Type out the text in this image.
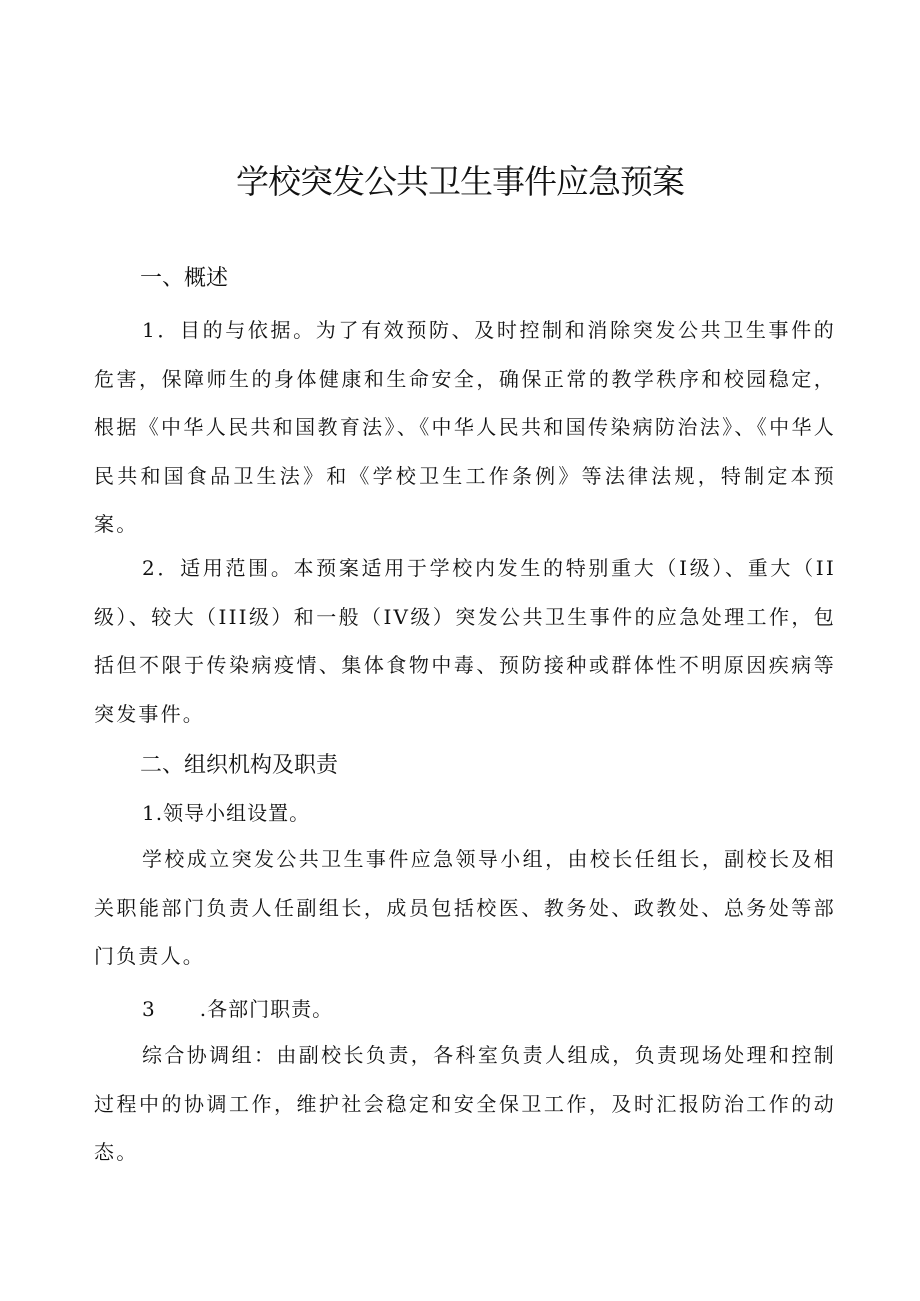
学校突发公共卫生事件应急预案
一、概述

1．目的与依据。为了有效预防、及时控制和消除突发公共卫生事件的危害，保障师生的身体健康和生命安全，确保正常的教学秩序和校园稳定，根据《中华人民共和国教育法》、《中华人民共和国传染病防治法》、《中华人民共和国食品卫生法》和《学校卫生工作条例》等法律法规，特制定本预案。

2．适用范围。本预案适用于学校内发生的特别重大（I级）、重大（II级）、较大（III级）和一般（IV级）突发公共卫生事件的应急处理工作，包括但不限于传染病疫情、集体食物中毒、预防接种或群体性不明原因疾病等突发事件。

二、组织机构及职责

1.领导小组设置。

学校成立突发公共卫生事件应急领导小组，由校长任组长，副校长及相关职能部门负责人任副组长，成员包括校医、教务处、政教处、总务处等部门负责人。

3 .各部门职责。

综合协调组：由副校长负责，各科室负责人组成，负责现场处理和控制过程中的协调工作，维护社会稳定和安全保卫工作，及时汇报防治工作的动态。
